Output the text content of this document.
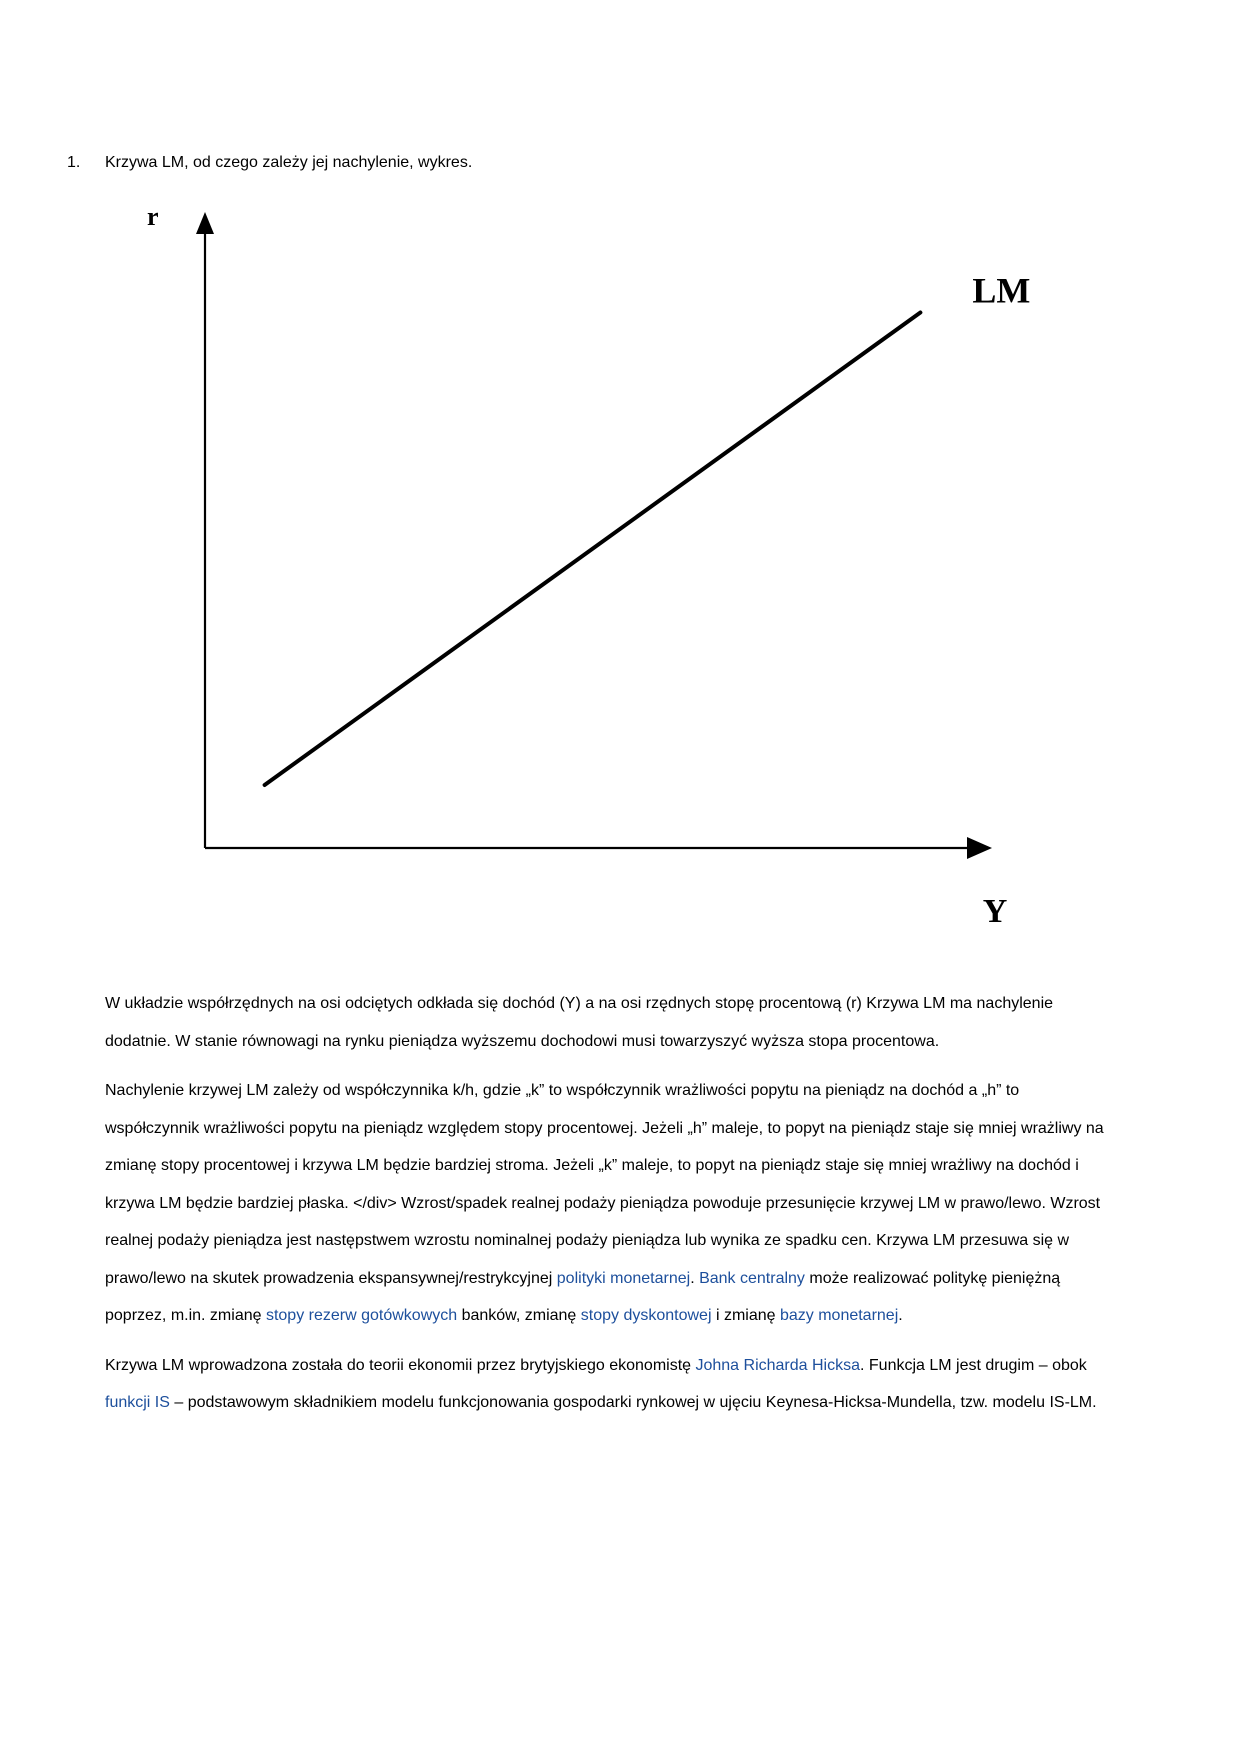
1. Krzywa LM, od czego zależy jej nachylenie, wykres.
r
Y
LM

W układzie współrzędnych na osi odciętych odkłada się dochód (Y) a na osi rzędnych stopę procentową (r) Krzywa LM ma nachylenie dodatnie. W stanie równowagi na rynku pieniądza wyższemu dochodowi musi towarzyszyć wyższa stopa procentowa.

Nachylenie krzywej LM zależy od współczynnika k/h, gdzie „k” to współczynnik wrażliwości popytu na pieniądz na dochód a „h” to współczynnik wrażliwości popytu na pieniądz względem stopy procentowej. Jeżeli „h” maleje, to popyt na pieniądz staje się mniej wrażliwy na zmianę stopy procentowej i krzywa LM będzie bardziej stroma. Jeżeli „k” maleje, to popyt na pieniądz staje się mniej wrażliwy na dochód i krzywa LM będzie bardziej płaska. </div> Wzrost/spadek realnej podaży pieniądza powoduje przesunięcie krzywej LM w prawo/lewo. Wzrost realnej podaży pieniądza jest następstwem wzrostu nominalnej podaży pieniądza lub wynika ze spadku cen. Krzywa LM przesuwa się w prawo/lewo na skutek prowadzenia ekspansywnej/restrykcyjnej polityki monetarnej. Bank centralny może realizować politykę pieniężną poprzez, m.in. zmianę stopy rezerw gotówkowych banków, zmianę stopy dyskontowej i zmianę bazy monetarnej.

Krzywa LM wprowadzona została do teorii ekonomii przez brytyjskiego ekonomistę Johna Richarda Hicksa. Funkcja LM jest drugim – obok funkcji IS – podstawowym składnikiem modelu funkcjonowania gospodarki rynkowej w ujęciu Keynesa-Hicksa-Mundella, tzw. modelu IS-LM.
